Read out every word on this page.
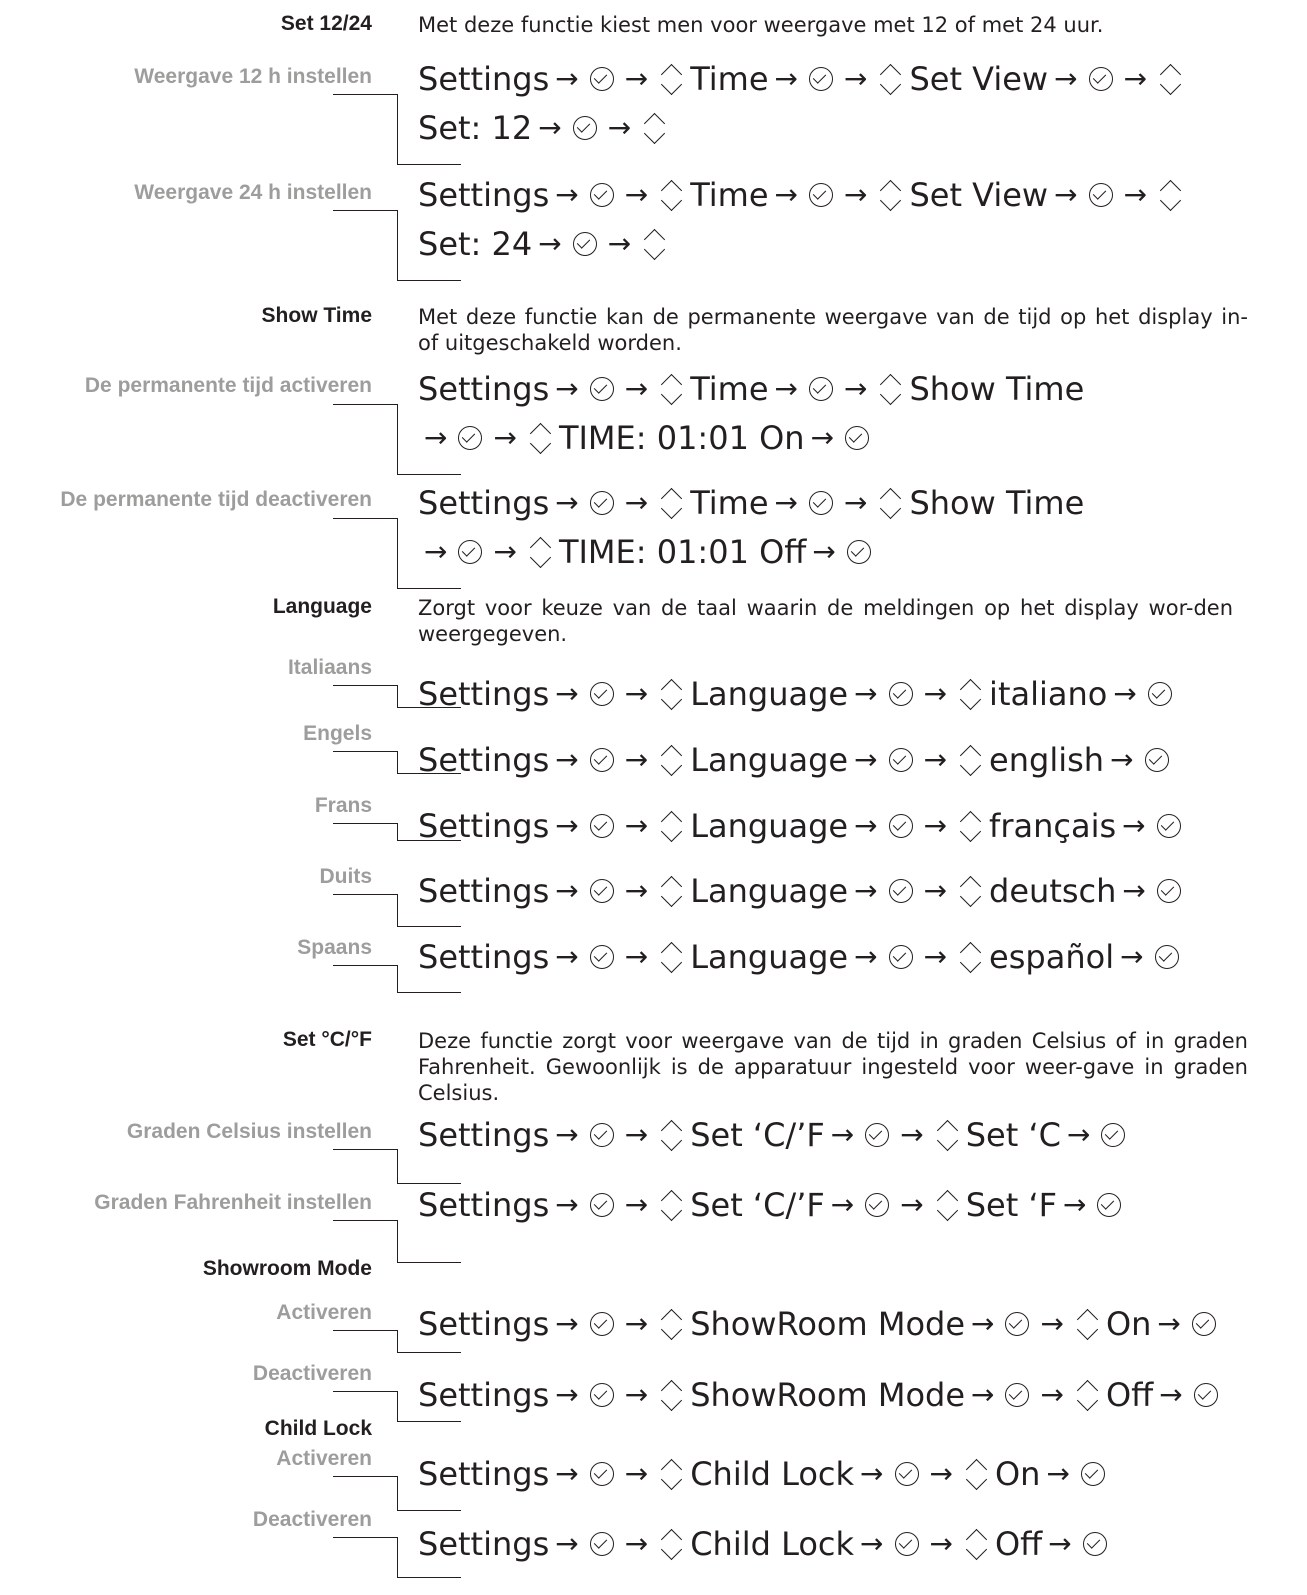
Set 12/24 Met deze functie kiest men voor weergave met 12 of met 24 uur.
Weergave 12 h instellen Settings → → Time → → Set View → →
Set: 12 → →
Weergave 24 h instellen Settings → → Time → → Set View → →
Set: 24 → →
Show Time Met deze functie kan de permanente weergave van de tijd op het display in- of uitgeschakeld worden.
De permanente tijd activeren Settings → → Time → → Show Time
→ → TIME: 01:01 On →
De permanente tijd deactiveren Settings → → Time → → Show Time
→ → TIME: 01:01 Off →
Language Zorgt voor keuze van de taal waarin de meldingen op het display wor-den weergegeven.
Italiaans
Settings → → Language → → italiano →
Engels
Settings → → Language → → english →
Frans
Settings → → Language → → français →
Duits Settings → → Language → → deutsch →
Spaans Settings → → Language → → español →
Set °C/°F Deze functie zorgt voor weergave van de tijd in graden Celsius of in graden Fahrenheit. Gewoonlijk is de apparatuur ingesteld voor weer-gave in graden Celsius.
Graden Celsius instellen Settings → → Set ‘C/’F → → Set ‘C →
Graden Fahrenheit instellen Settings → → Set ‘C/’F → → Set ‘F →
Showroom Mode
Activeren Settings → → ShowRoom Mode → → On →
Deactiveren
Settings → → ShowRoom Mode → → Off →
Child Lock
Activeren Settings → → Child Lock → → On →
Deactiveren
Settings → → Child Lock → → Off →
